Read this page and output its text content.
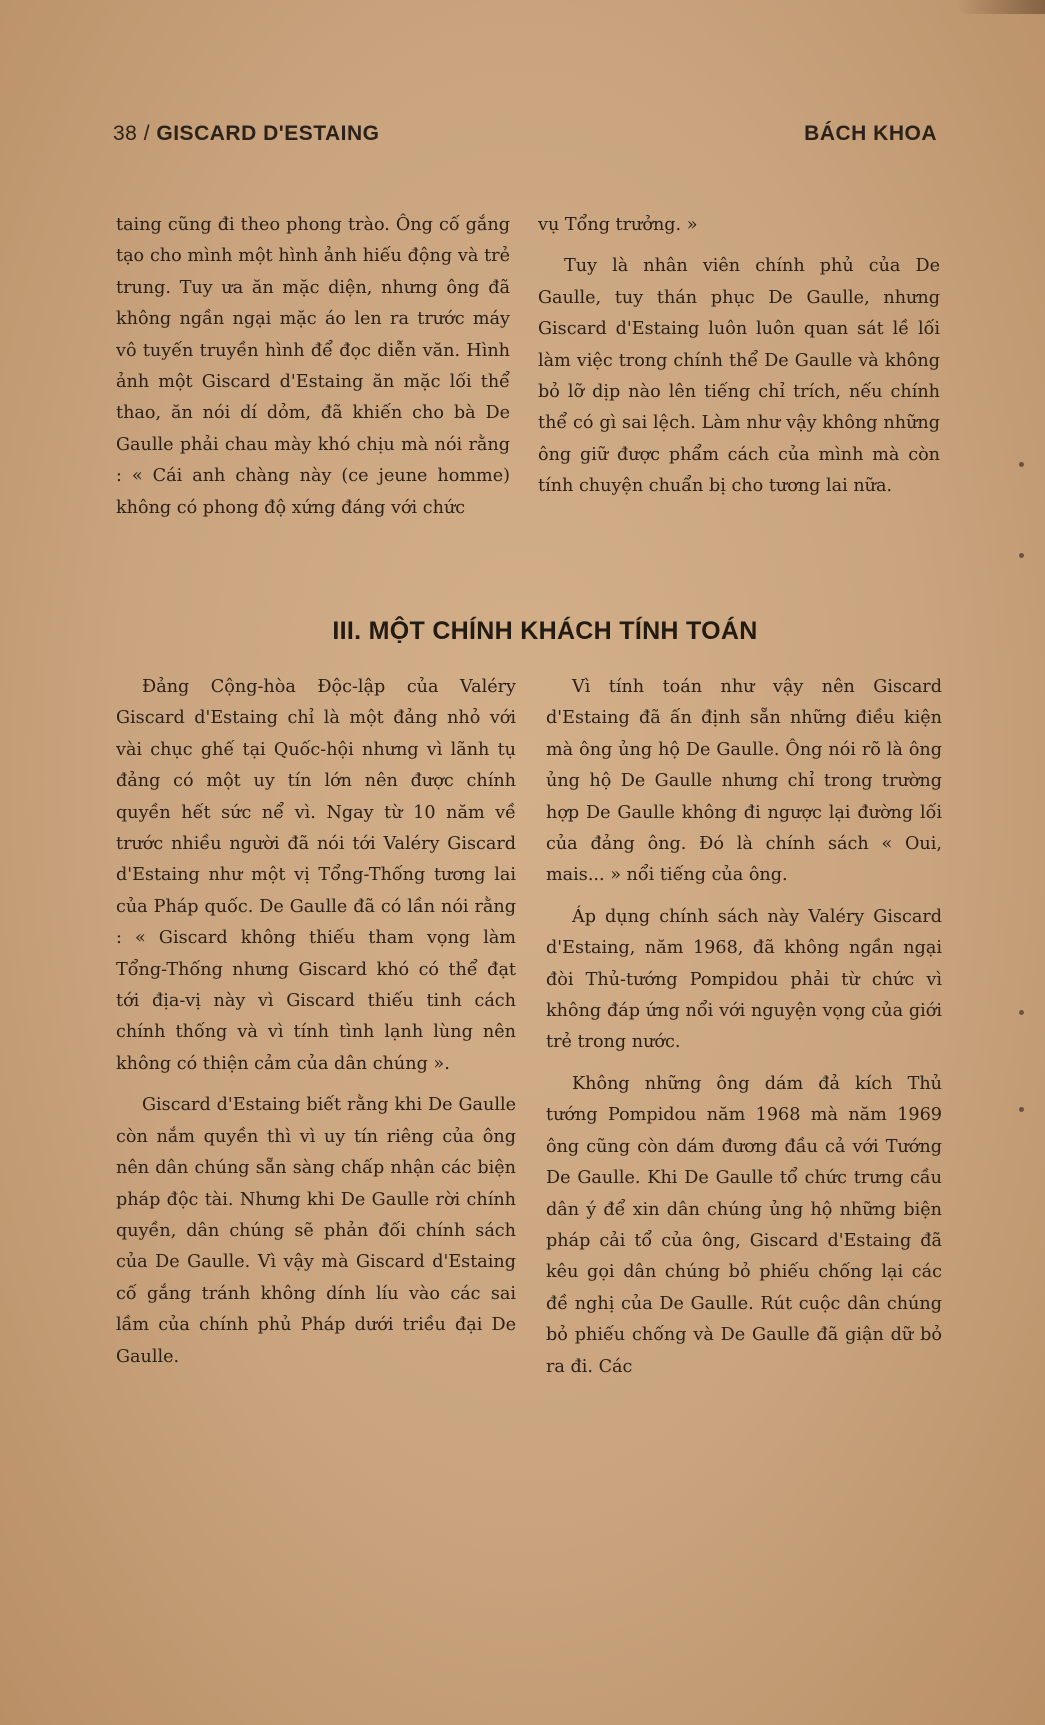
38 / GISCARD D'ESTAING	BÁCH KHOA

taing cũng đi theo phong trào. Ông cố gắng tạo cho mình một hình ảnh hiếu động và trẻ trung. Tuy ưa ăn mặc diện, nhưng ông đã không ngần ngại mặc áo len ra trước máy vô tuyến truyền hình để đọc diễn văn. Hình ảnh một Giscard d'Estaing ăn mặc lối thể thao, ăn nói dí dỏm, đã khiến cho bà De Gaulle phải chau mày khó chịu mà nói rằng : « Cái anh chàng này (ce jeune homme) không có phong độ xứng đáng với chức

vụ Tổng trưởng. »

Tuy là nhân viên chính phủ của De Gaulle, tuy thán phục De Gaulle, nhưng Giscard d'Estaing luôn luôn quan sát lề lối làm việc trong chính thể De Gaulle và không bỏ lỡ dịp nào lên tiếng chỉ trích, nếu chính thể có gì sai lệch. Làm như vậy không những ông giữ được phẩm cách của mình mà còn tính chuyện chuẩn bị cho tương lai nữa.

III. MỘT CHÍNH KHÁCH TÍNH TOÁN

Đảng Cộng-hòa Độc-lập của Valéry Giscard d'Estaing chỉ là một đảng nhỏ với vài chục ghế tại Quốc-hội nhưng vì lãnh tụ đảng có một uy tín lớn nên được chính quyền hết sức nể vì. Ngay từ 10 năm về trước nhiều người đã nói tới Valéry Giscard d'Estaing như một vị Tổng-Thống tương lai của Pháp quốc. De Gaulle đã có lần nói rằng : « Giscard không thiếu tham vọng làm Tổng-Thống nhưng Giscard khó có thể đạt tới địa-vị này vì Giscard thiếu tinh cách chính thống và vì tính tình lạnh lùng nên không có thiện cảm của dân chúng ».

Giscard d'Estaing biết rằng khi De Gaulle còn nắm quyền thì vì uy tín riêng của ông nên dân chúng sẵn sàng chấp nhận các biện pháp độc tài. Nhưng khi De Gaulle rời chính quyền, dân chúng sẽ phản đối chính sách của De Gaulle. Vì vậy mà Giscard d'Estaing cố gắng tránh không dính líu vào các sai lầm của chính phủ Pháp dưới triều đại De Gaulle.

Vì tính toán như vậy nên Giscard d'Estaing đã ấn định sẵn những điều kiện mà ông ủng hộ De Gaulle. Ông nói rõ là ông ủng hộ De Gaulle nhưng chỉ trong trường hợp De Gaulle không đi ngược lại đường lối của đảng ông. Đó là chính sách « Oui, mais... » nổi tiếng của ông.

Áp dụng chính sách này Valéry Giscard d'Estaing, năm 1968, đã không ngần ngại đòi Thủ-tướng Pompidou phải từ chức vì không đáp ứng nổi với nguyện vọng của giới trẻ trong nước.

Không những ông dám đả kích Thủ tướng Pompidou năm 1968 mà năm 1969 ông cũng còn dám đương đầu cả với Tướng De Gaulle. Khi De Gaulle tổ chức trưng cầu dân ý để xin dân chúng ủng hộ những biện pháp cải tổ của ông, Giscard d'Estaing đã kêu gọi dân chúng bỏ phiếu chống lại các đề nghị của De Gaulle. Rút cuộc dân chúng bỏ phiếu chống và De Gaulle đã giận dữ bỏ ra đi. Các
